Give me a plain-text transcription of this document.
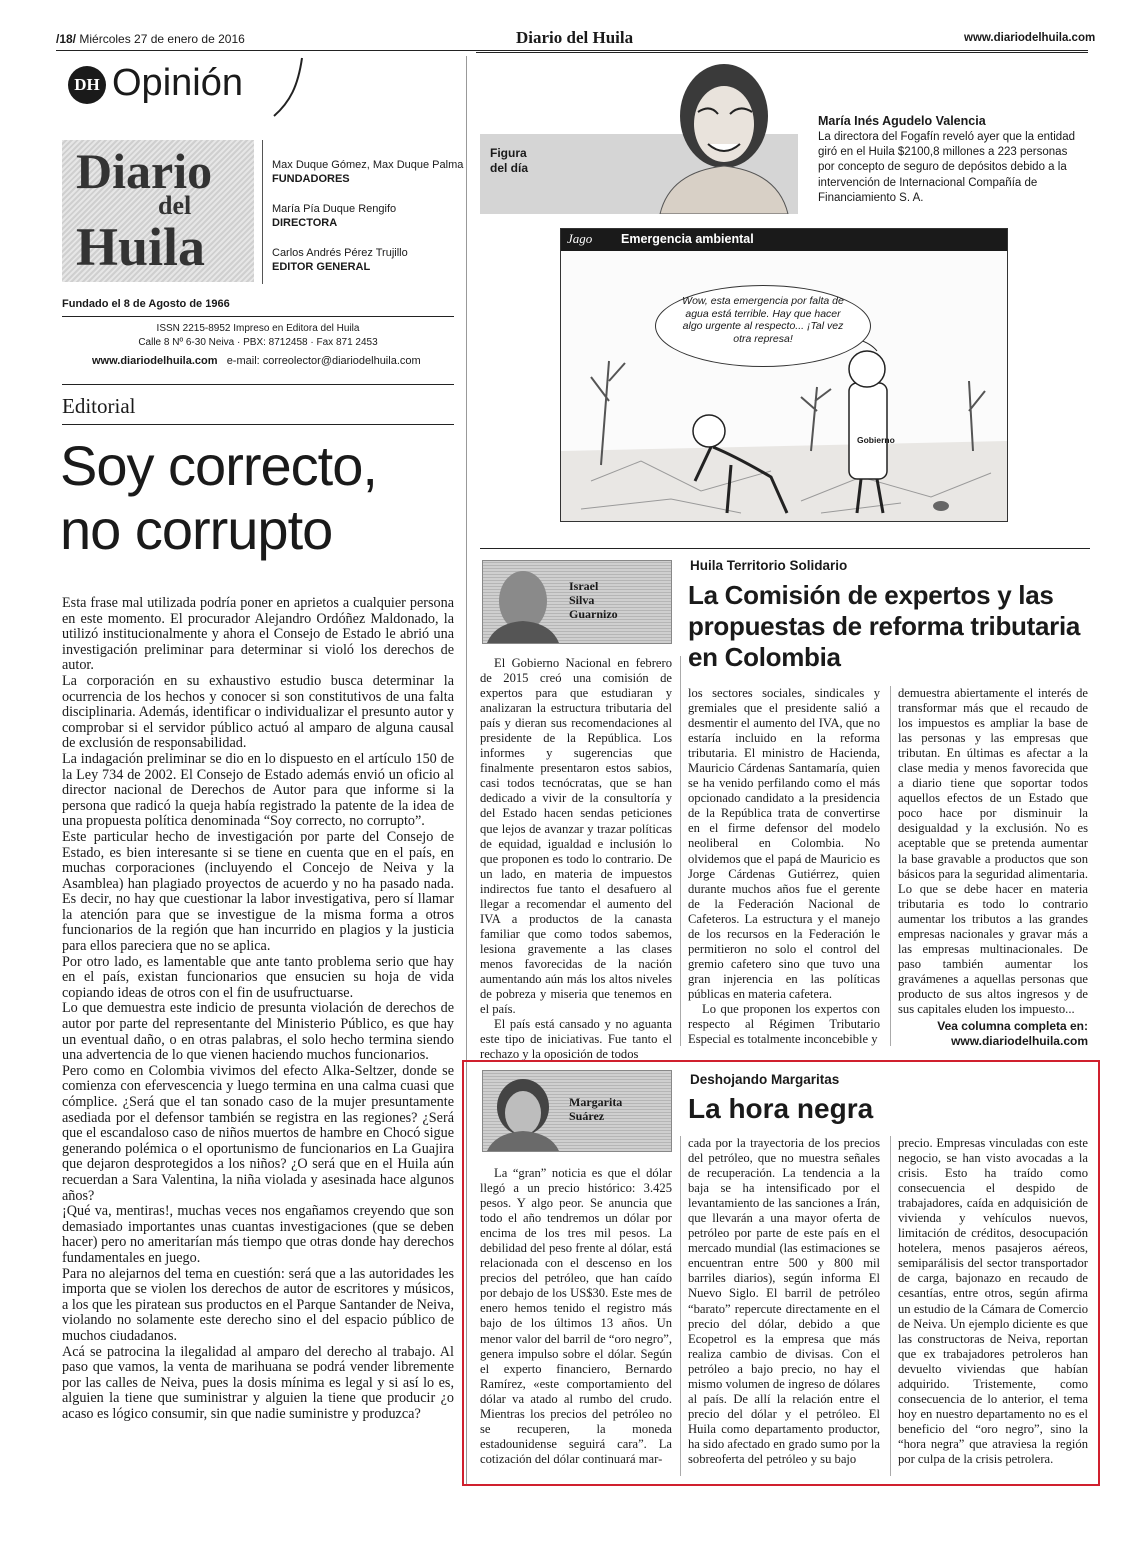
/18/ Miércoles 27 de enero de 2016	Diario del Huila	www.diariodelhuila.com
DH Opinión
Diario
del
Huila
Max Duque Gómez, Max Duque Palma
FUNDADORES
María Pía Duque Rengifo
DIRECTORA
Carlos Andrés Pérez Trujillo
EDITOR GENERAL
Fundado el 8 de Agosto de 1966
ISSN 2215-8952 Impreso en Editora del Huila
Calle 8 Nº 6-30 Neiva · PBX: 8712458 · Fax 871 2453
www.diariodelhuila.com e-mail: correolector@diariodelhuila.com
Figura
del día
María Inés Agudelo Valencia
La directora del Fogafín reveló ayer que la entidad giró en el Huila $2100,8 millones a 223 personas por concepto de seguro de depósitos debido a la intervención de Internacional Compañía de Financiamiento S. A.
Jago Emergencia ambiental
Wow, esta emergencia por falta de agua está terrible. Hay que hacer algo urgente al respecto... ¡Tal vez otra represa!
Gobierno
Editorial
Soy correcto,
no corrupto

Esta frase mal utilizada podría poner en aprietos a cualquier persona en este momento. El procurador Alejandro Ordóñez Maldonado, la utilizó institucionalmente y ahora el Consejo de Estado le abrió una investigación preliminar para determinar si violó los derechos de autor.

La corporación en su exhaustivo estudio busca determinar la ocurrencia de los hechos y conocer si son constitutivos de una falta disciplinaria. Además, identificar o individualizar el presunto autor y comprobar si el servidor público actuó al amparo de alguna causal de exclusión de responsabilidad.

La indagación preliminar se dio en lo dispuesto en el artículo 150 de la Ley 734 de 2002. El Consejo de Estado además envió un oficio al director nacional de Derechos de Autor para que informe si la persona que radicó la queja había registrado la patente de la idea de una propuesta política denominada “Soy correcto, no corrupto”.

Este particular hecho de investigación por parte del Consejo de Estado, es bien interesante si se tiene en cuenta que en el país, en muchas corporaciones (incluyendo el Concejo de Neiva y la Asamblea) han plagiado proyectos de acuerdo y no ha pasado nada. Es decir, no hay que cuestionar la labor investigativa, pero sí llamar la atención para que se investigue de la misma forma a otros funcionarios de la región que han incurrido en plagios y la justicia para ellos pareciera que no se aplica.

Por otro lado, es lamentable que ante tanto problema serio que hay en el país, existan funcionarios que ensucien su hoja de vida copiando ideas de otros con el fin de usufructuarse.

Lo que demuestra este indicio de presunta violación de derechos de autor por parte del representante del Ministerio Público, es que hay un eventual daño, o en otras palabras, el solo hecho termina siendo una advertencia de lo que vienen haciendo muchos funcionarios.

Pero como en Colombia vivimos del efecto Alka-Seltzer, donde se comienza con efervescencia y luego termina en una calma cuasi que cómplice. ¿Será que el tan sonado caso de la mujer presuntamente asediada por el defensor también se registra en las regiones? ¿Será que el escandaloso caso de niños muertos de hambre en Chocó sigue generando polémica o el oportunismo de funcionarios en La Guajira que dejaron desprotegidos a los niños? ¿O será que en el Huila aún recuerdan a Sara Valentina, la niña violada y asesinada hace algunos años?

¡Qué va, mentiras!, muchas veces nos engañamos creyendo que son demasiado importantes unas cuantas investigaciones (que se deben hacer) pero no ameritarían más tiempo que otras donde hay derechos fundamentales en juego.

Para no alejarnos del tema en cuestión: será que a las autoridades les importa que se violen los derechos de autor de escritores y músicos, a los que les piratean sus productos en el Parque Santander de Neiva, violando no solamente este derecho sino el del espacio público de muchos ciudadanos.

Acá se patrocina la ilegalidad al amparo del derecho al trabajo. Al paso que vamos, la venta de marihuana se podrá vender libremente por las calles de Neiva, pues la dosis mínima es legal y si así lo es, alguien la tiene que suministrar y alguien la tiene que producir ¿o acaso es lógico consumir, sin que nadie suministre y produzca?

Israel
Silva
Guarnizo
Huila Territorio Solidario
La Comisión de expertos y las propuestas de reforma tributaria en Colombia

El Gobierno Nacional en febrero de 2015 creó una comisión de expertos para que estudiaran y analizaran la estructura tributaria del país y dieran sus recomendaciones al presidente de la República. Los informes y sugerencias que finalmente presentaron estos sabios, casi todos tecnócratas, que se han dedicado a vivir de la consultoría y del Estado hacen sendas peticiones que lejos de avanzar y trazar políticas de equidad, igualdad e inclusión lo que proponen es todo lo contrario. De un lado, en materia de impuestos indirectos fue tanto el desafuero al llegar a recomendar el aumento del IVA a productos de la canasta familiar que como todos sabemos, lesiona gravemente a las clases menos favorecidas de la nación aumentando aún más los altos niveles de pobreza y miseria que tenemos en el país.

El país está cansado y no aguanta este tipo de iniciativas. Fue tanto el rechazo y la oposición de todos

los sectores sociales, sindicales y gremiales que el presidente salió a desmentir el aumento del IVA, que no estaría incluido en la reforma tributaria. El ministro de Hacienda, Mauricio Cárdenas Santamaría, quien se ha venido perfilando como el más opcionado candidato a la presidencia de la República trata de convertirse en el firme defensor del modelo neoliberal en Colombia. No olvidemos que el papá de Mauricio es Jorge Cárdenas Gutiérrez, quien durante muchos años fue el gerente de la Federación Nacional de Cafeteros. La estructura y el manejo de los recursos en la Federación le permitieron no solo el control del gremio cafetero sino que tuvo una gran injerencia en las políticas públicas en materia cafetera.

Lo que proponen los expertos con respecto al Régimen Tributario Especial es totalmente inconcebible y

demuestra abiertamente el interés de transformar más que el recaudo de los impuestos es ampliar la base de las personas y las empresas que tributan. En últimas es afectar a la clase media y menos favorecida que a diario tiene que soportar todos aquellos efectos de un Estado que poco hace por disminuir la desigualdad y la exclusión. No es aceptable que se pretenda aumentar la base gravable a productos que son básicos para la seguridad alimentaria. Lo que se debe hacer en materia tributaria es todo lo contrario aumentar los tributos a las grandes empresas nacionales y gravar más a las empresas multinacionales. De paso también aumentar los gravámenes a aquellas personas que producto de sus altos ingresos y de sus capitales eluden los impuesto...

Vea columna completa en:
www.diariodelhuila.com
Margarita
Suárez
Deshojando Margaritas
La hora negra

La “gran” noticia es que el dólar llegó a un precio histórico: 3.425 pesos. Y algo peor. Se anuncia que todo el año tendremos un dólar por encima de los tres mil pesos. La debilidad del peso frente al dólar, está relacionada con el descenso en los precios del petróleo, que han caído por debajo de los US$30. Este mes de enero hemos tenido el registro más bajo de los últimos 13 años. Un menor valor del barril de “oro negro”, genera impulso sobre el dólar. Según el experto financiero, Bernardo Ramírez, «este comportamiento del dólar va atado al rumbo del crudo. Mientras los precios del petróleo no se recuperen, la moneda estadounidense seguirá cara”. La cotización del dólar continuará mar-

cada por la trayectoria de los precios del petróleo, que no muestra señales de recuperación. La tendencia a la baja se ha intensificado por el levantamiento de las sanciones a Irán, que llevarán a una mayor oferta de petróleo por parte de este país en el mercado mundial (las estimaciones se encuentran entre 500 y 800 mil barriles diarios), según informa El Nuevo Siglo. El barril de petróleo “barato” repercute directamente en el precio del dólar, debido a que Ecopetrol es la empresa que más realiza cambio de divisas. Con el petróleo a bajo precio, no hay el mismo volumen de ingreso de dólares al país. De allí la relación entre el precio del dólar y el petróleo. El Huila como departamento productor, ha sido afectado en grado sumo por la sobreoferta del petróleo y su bajo

precio. Empresas vinculadas con este negocio, se han visto avocadas a la crisis. Esto ha traído como consecuencia el despido de trabajadores, caída en adquisición de vivienda y vehículos nuevos, limitación de créditos, desocupación hotelera, menos pasajeros aéreos, semiparálisis del sector transportador de carga, bajonazo en recaudo de cesantías, entre otros, según afirma un estudio de la Cámara de Comercio de Neiva. Un ejemplo diciente es que las constructoras de Neiva, reportan que ex trabajadores petroleros han devuelto viviendas que habían adquirido. Tristemente, como consecuencia de lo anterior, el tema hoy en nuestro departamento no es el beneficio del “oro negro”, sino la “hora negra” que atraviesa la región por culpa de la crisis petrolera.
